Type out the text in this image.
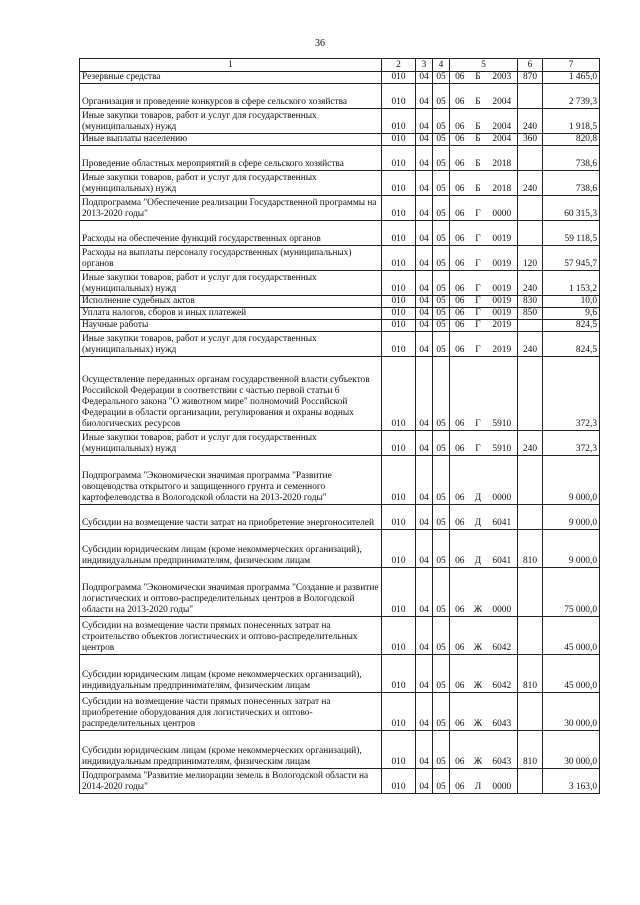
36
1	2	3	4	5			6	7
Резервные средства	010	04	05	06	Б	2003	870	1 465,0
Организация и проведение конкурсов в сфере сельского хозяйства	010	04	05	06	Б	2004		2 739,3
Иные закупки товаров, работ и услуг для государственных (муниципальных) нужд	010	04	05	06	Б	2004	240	1 918,5
Иные выплаты населению	010	04	05	06	Б	2004	360	820,8
Проведение областных мероприятий в сфере сельского хозяйства	010	04	05	06	Б	2018		738,6
Иные закупки товаров, работ и услуг для государственных (муниципальных) нужд	010	04	05	06	Б	2018	240	738,6
Подпрограмма "Обеспечение реализации Государственной программы на 2013-2020 годы"	010	04	05	06	Г	0000		60 315,3
Расходы на обеспечение функций государственных органов	010	04	05	06	Г	0019		59 118,5
Расходы на выплаты персоналу государственных (муниципальных) органов	010	04	05	06	Г	0019	120	57 945,7
Иные закупки товаров, работ и услуг для государственных (муниципальных) нужд	010	04	05	06	Г	0019	240	1 153,2
Исполнение судебных актов	010	04	05	06	Г	0019	830	10,0
Уплата налогов, сборов и иных платежей	010	04	05	06	Г	0019	850	9,6
Научные работы	010	04	05	06	Г	2019		824,5
Иные закупки товаров, работ и услуг для государственных (муниципальных) нужд	010	04	05	06	Г	2019	240	824,5
Осуществление переданных органам государственной власти субъектов Российской Федерации в соответствии с частью первой статьи 6 Федерального закона "О животном мире" полномочий Российской Федерации в области организации, регулирования и охраны водных биологических ресурсов	010	04	05	06	Г	5910		372,3
Иные закупки товаров, работ и услуг для государственных (муниципальных) нужд	010	04	05	06	Г	5910	240	372,3
Подпрограмма "Экономически значимая программа "Развитие овощеводства открытого и защищенного грунта и семенного картофелеводства в Вологодской области на 2013-2020 годы"	010	04	05	06	Д	0000		9 000,0
Субсидии на возмещение части затрат на приобретение энергоносителей	010	04	05	06	Д	6041		9 000,0
Субсидии юридическим лицам (кроме некоммерческих организаций), индивидуальным предпринимателям, физическим лицам	010	04	05	06	Д	6041	810	9 000,0
Подпрограмма "Экономически значимая программа "Создание и развитие логистических и оптово-распределительных центров в Вологодской области на 2013-2020 годы"	010	04	05	06	Ж	0000		75 000,0
Субсидии на возмещение части прямых понесенных затрат на строительство объектов логистических и оптово-распределительных центров	010	04	05	06	Ж	6042		45 000,0
Субсидии юридическим лицам (кроме некоммерческих организаций), индивидуальным предпринимателям, физическим лицам	010	04	05	06	Ж	6042	810	45 000,0
Субсидии на возмещение части прямых понесенных затрат на приобретение оборудования для логистических и оптово-распределительных центров	010	04	05	06	Ж	6043		30 000,0
Субсидии юридическим лицам (кроме некоммерческих организаций), индивидуальным предпринимателям, физическим лицам	010	04	05	06	Ж	6043	810	30 000,0
Подпрограмма "Развитие мелиорации земель в Вологодской области на 2014-2020 годы"	010	04	05	06	Л	0000		3 163,0
